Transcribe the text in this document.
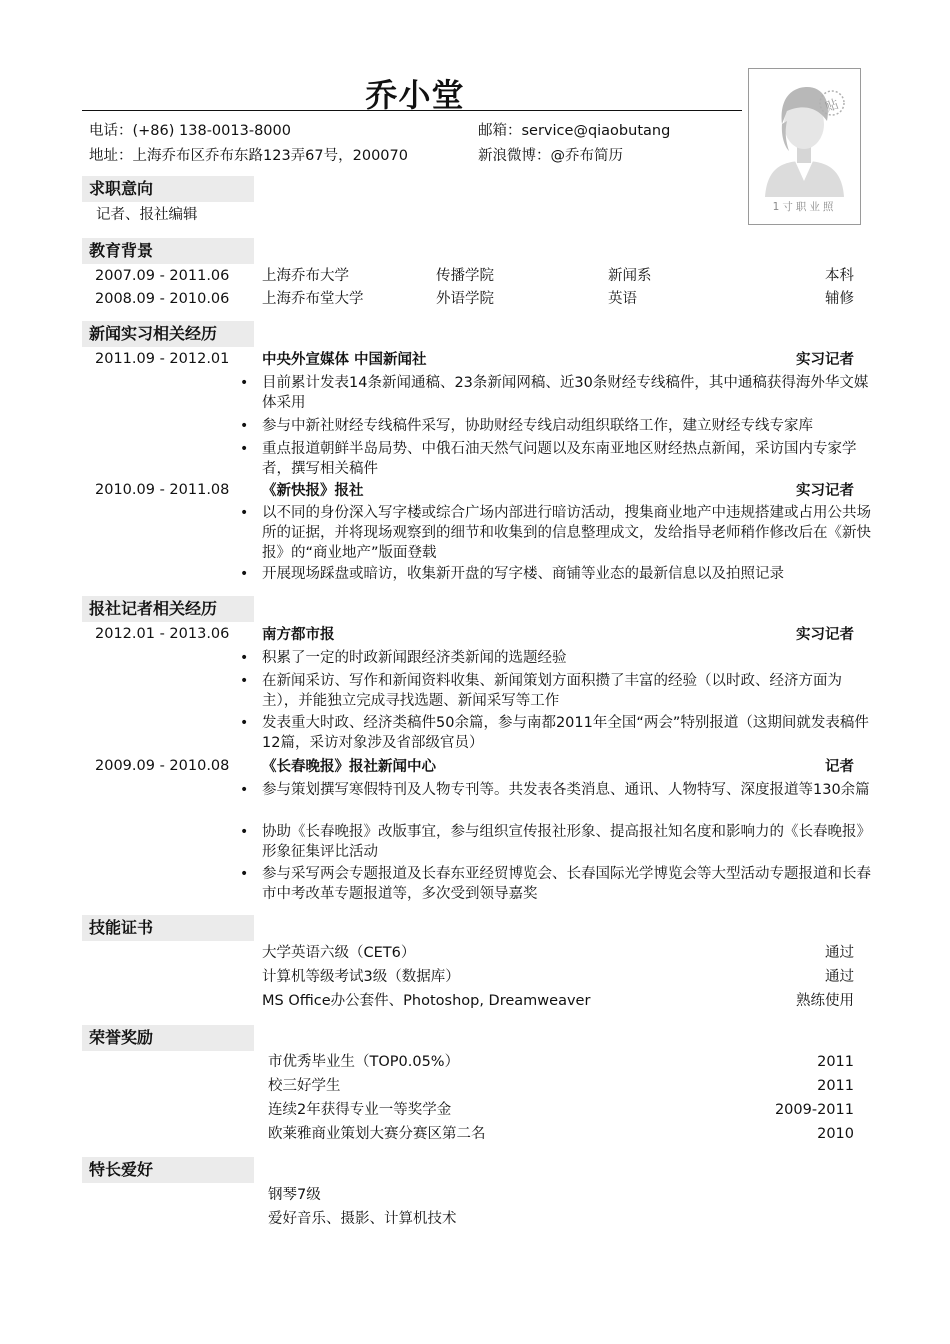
乔小堂
电话：(+86) 138-0013-8000	邮箱：service@qiaobutang
地址：上海乔布区乔布东路123弄67号，200070	新浪微博：@乔布简历
贴
1寸职业照
求职意向
记者、报社编辑
教育背景
2007.09 - 2011.06 上海乔布大学	传播学院	新闻系	本科
2008.09 - 2010.06 上海乔布堂大学	外语学院	英语	辅修
新闻实习相关经历
2011.09 - 2012.01 中央外宣媒体 中国新闻社	实习记者
• 目前累计发表14条新闻通稿、23条新闻网稿、近30条财经专线稿件，其中通稿获得海外华文媒体采用
• 参与中新社财经专线稿件采写，协助财经专线启动组织联络工作，建立财经专线专家库
• 重点报道朝鲜半岛局势、中俄石油天然气问题以及东南亚地区财经热点新闻，采访国内专家学者，撰写相关稿件
2010.09 - 2011.08 《新快报》报社	实习记者
• 以不同的身份深入写字楼或综合广场内部进行暗访活动，搜集商业地产中违规搭建或占用公共场所的证据，并将现场观察到的细节和收集到的信息整理成文，发给指导老师稍作修改后在《新快报》的“商业地产”版面登载
• 开展现场踩盘或暗访，收集新开盘的写字楼、商铺等业态的最新信息以及拍照记录
报社记者相关经历
2012.01 - 2013.06 南方都市报	实习记者
• 积累了一定的时政新闻跟经济类新闻的选题经验
• 在新闻采访、写作和新闻资料收集、新闻策划方面积攒了丰富的经验（以时政、经济方面为主），并能独立完成寻找选题、新闻采写等工作
• 发表重大时政、经济类稿件50余篇，参与南都2011年全国“两会”特别报道（这期间就发表稿件12篇，采访对象涉及省部级官员）
2009.09 - 2010.08 《长春晚报》报社新闻中心	记者
• 参与策划撰写寒假特刊及人物专刊等。共发表各类消息、通讯、人物特写、深度报道等130余篇
• 协助《长春晚报》改版事宜，参与组织宣传报社形象、提高报社知名度和影响力的《长春晚报》形象征集评比活动
• 参与采写两会专题报道及长春东亚经贸博览会、长春国际光学博览会等大型活动专题报道和长春市中考改革专题报道等，多次受到领导嘉奖
技能证书
大学英语六级（CET6）	通过
计算机等级考试3级（数据库）	通过
MS Office办公套件、Photoshop, Dreamweaver	熟练使用
荣誉奖励
市优秀毕业生（TOP0.05%）	2011
校三好学生	2011
连续2年获得专业一等奖学金	2009-2011
欧莱雅商业策划大赛分赛区第二名	2010
特长爱好
钢琴7级
爱好音乐、摄影、计算机技术
